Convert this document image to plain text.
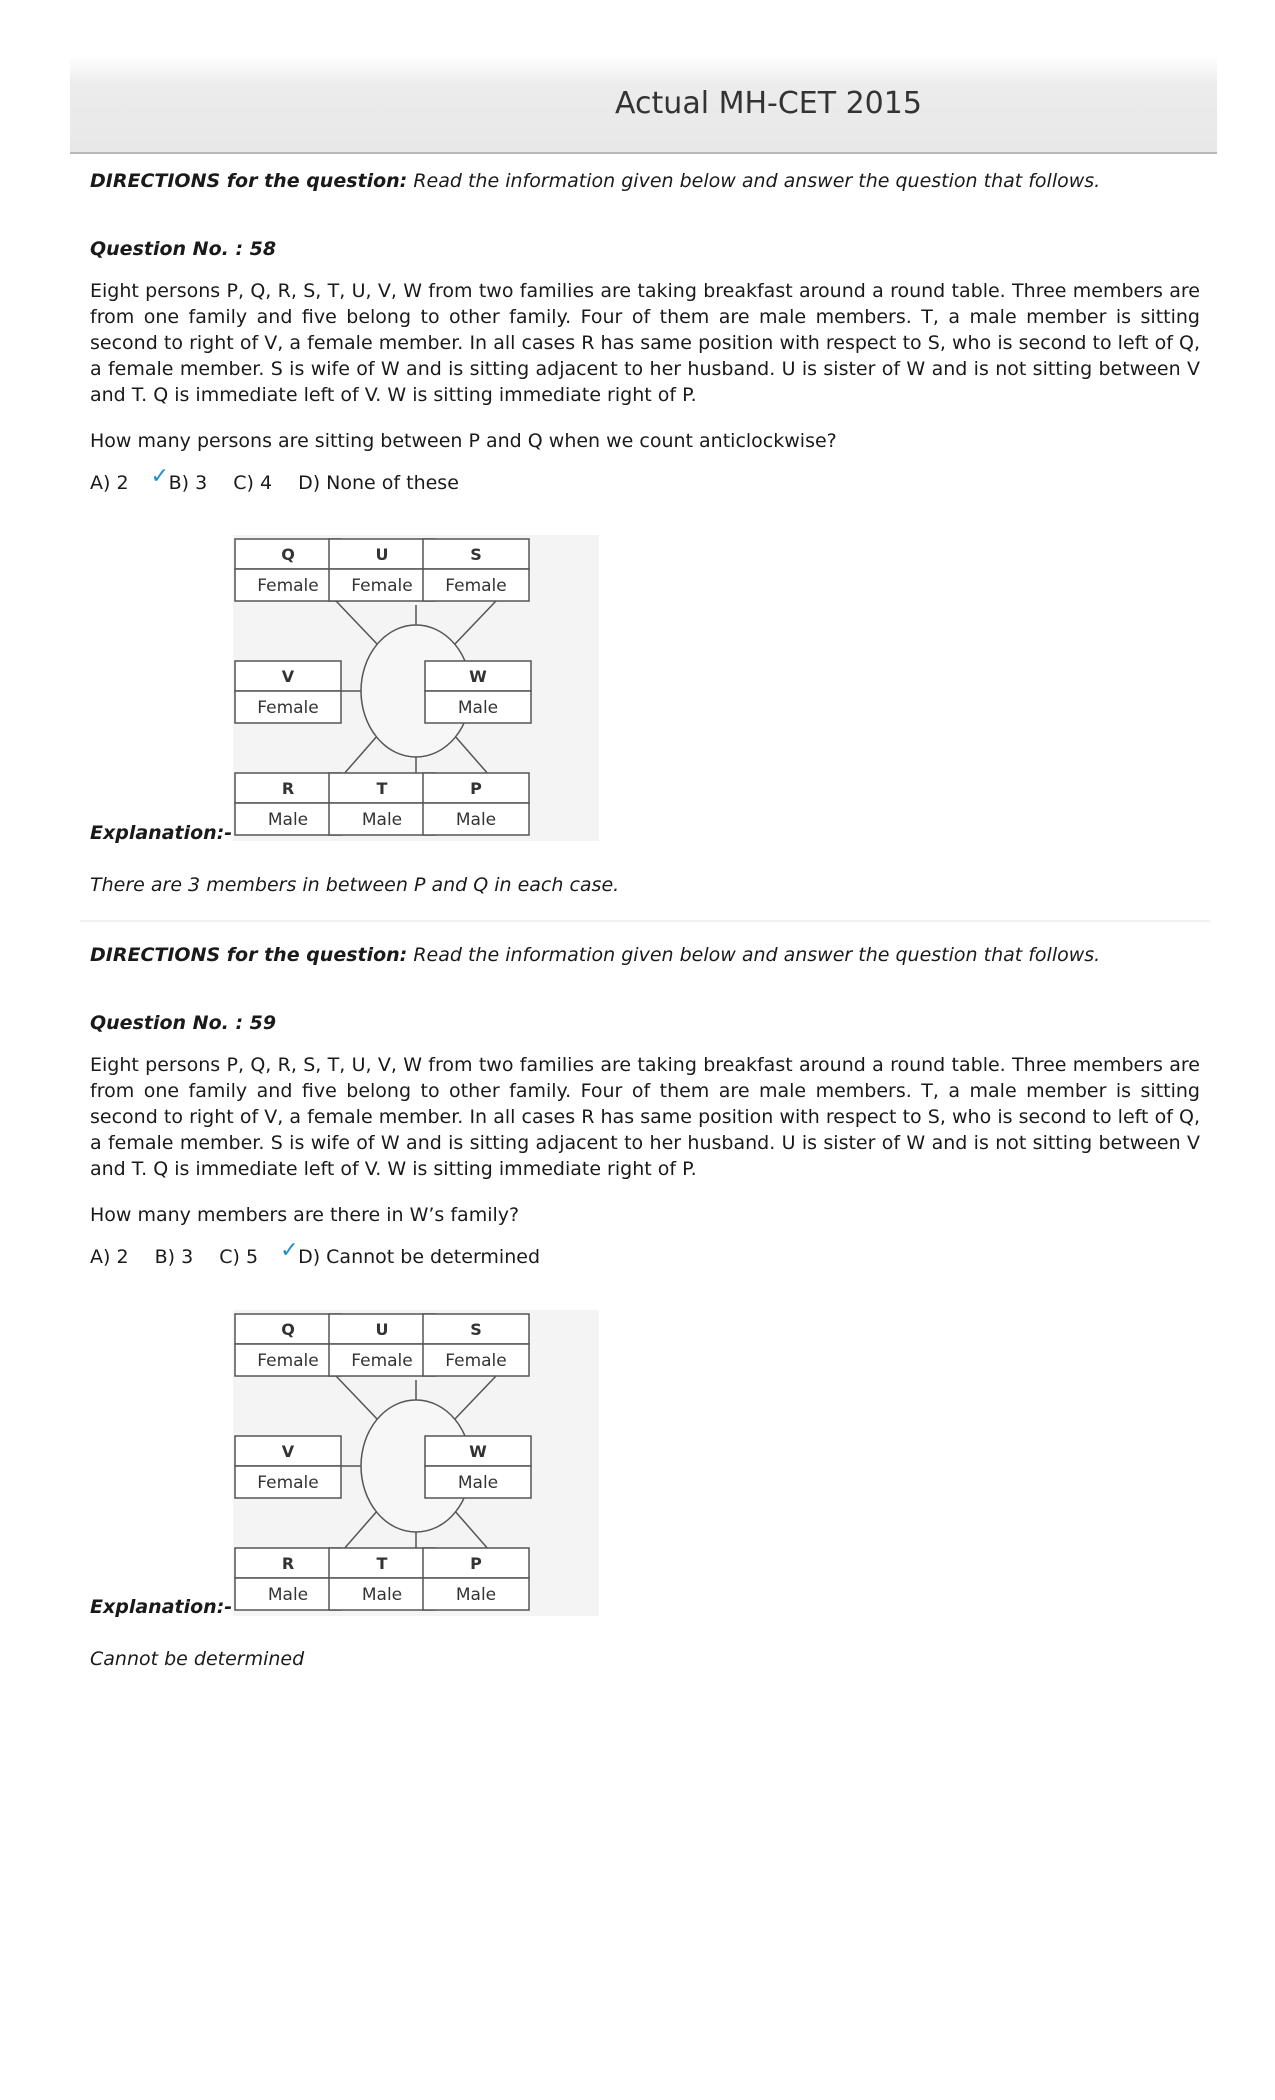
Actual MH-CET 2015

DIRECTIONS for the question: Read the information given below and answer the question that follows.

Question No. : 58

Eight persons P, Q, R, S, T, U, V, W from two families are taking breakfast around a round table. Three members are from one family and five belong to other family. Four of them are male members. T, a male member is sitting second to right of V, a female member. In all cases R has same position with respect to S, who is second to left of Q, a female member. S is wife of W and is sitting adjacent to her husband. U is sister of W and is not sitting between V and T. Q is immediate left of V. W is sitting immediate right of P.

How many persons are sitting between P and Q when we count anticlockwise?

A) 2 ✓ B) 3 C) 4 D) None of these

Q
Female
U
Female
S
Female
V
Female
W
Male
R
Male
T
Male
P
Male
Explanation:-
There are 3 members in between P and Q in each case.

DIRECTIONS for the question: Read the information given below and answer the question that follows.

Question No. : 59

Eight persons P, Q, R, S, T, U, V, W from two families are taking breakfast around a round table. Three members are from one family and five belong to other family. Four of them are male members. T, a male member is sitting second to right of V, a female member. In all cases R has same position with respect to S, who is second to left of Q, a female member. S is wife of W and is sitting adjacent to her husband. U is sister of W and is not sitting between V and T. Q is immediate left of V. W is sitting immediate right of P.

How many members are there in W’s family?

A) 2 B) 3 C) 5 ✓ D) Cannot be determined

Q
Female
U
Female
S
Female
V
Female
W
Male
R
Male
T
Male
P
Male
Explanation:-
Cannot be determined
